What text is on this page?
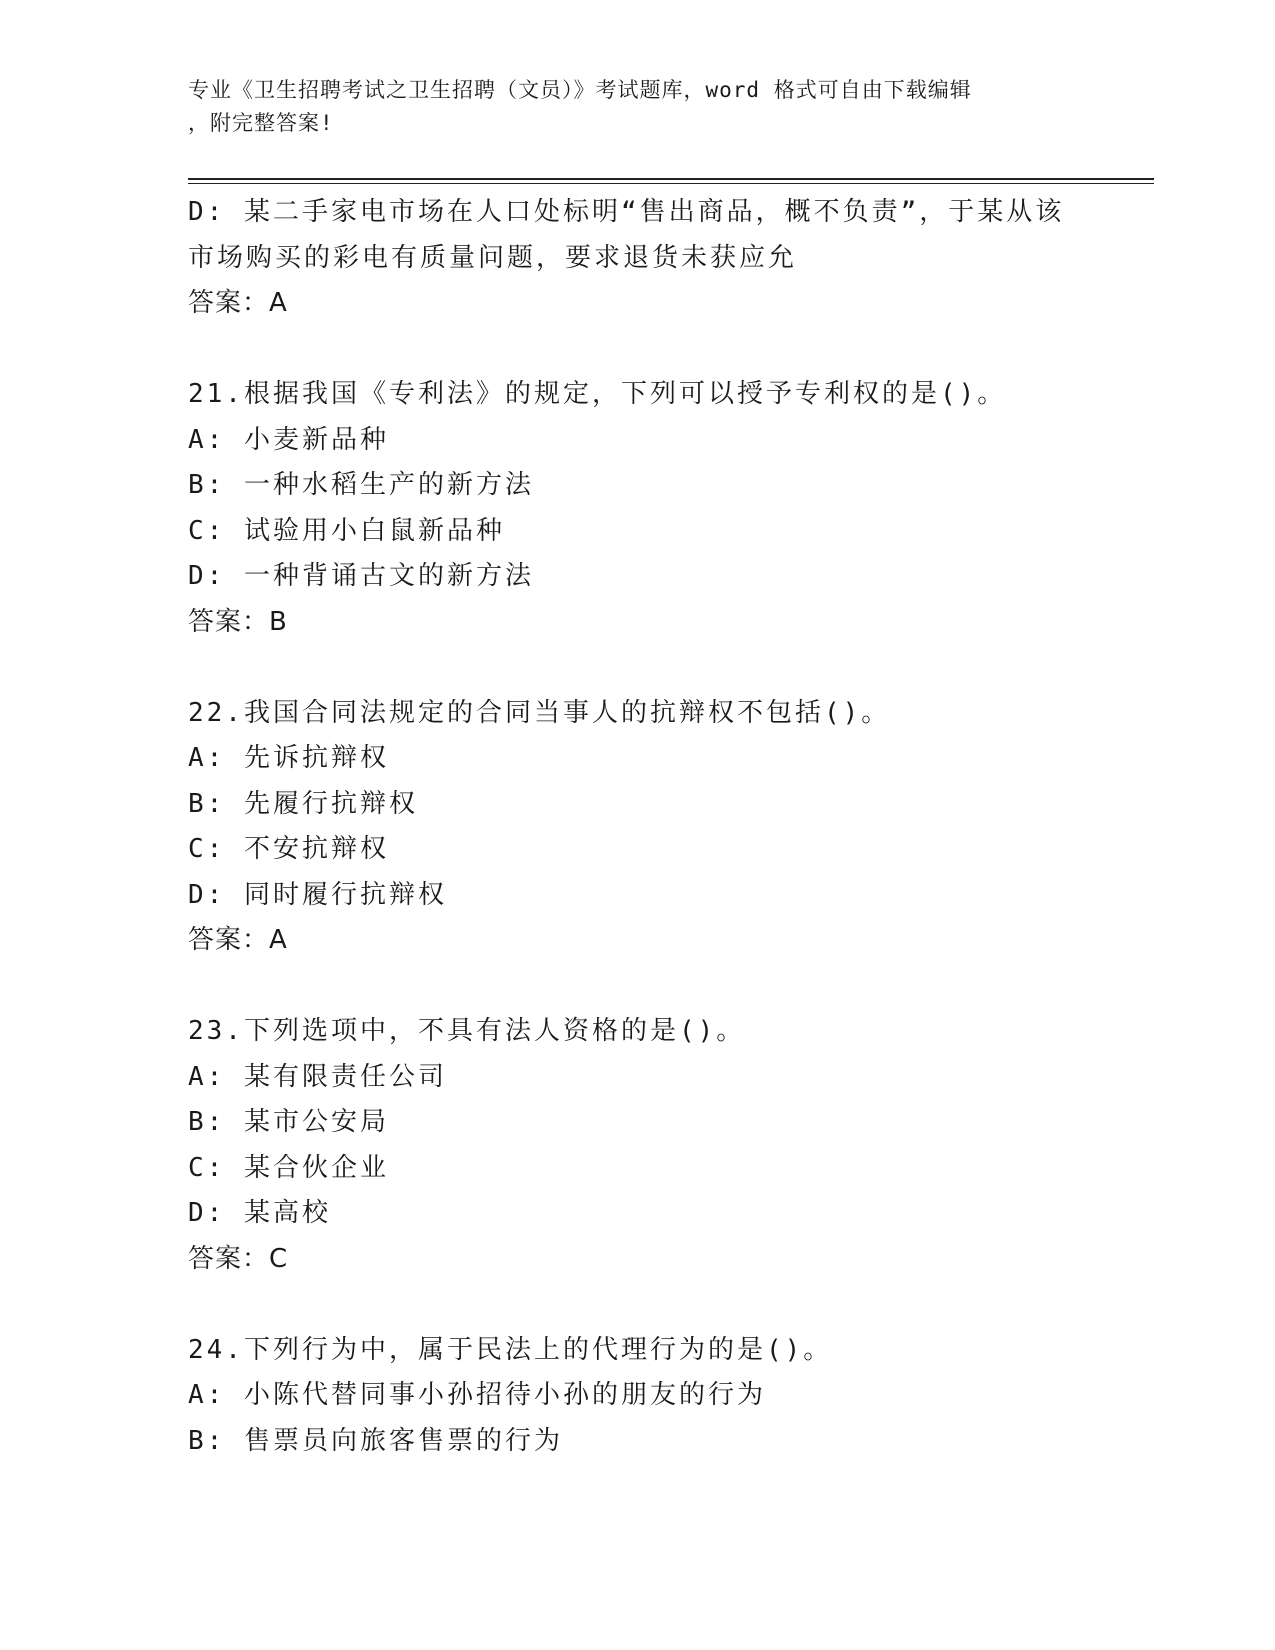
专业《卫生招聘考试之卫生招聘（文员）》考试题库，word 格式可自由下载编辑
，附完整答案!
D: 某二手家电市场在人口处标明“售出商品，概不负责”，于某从该
市场购买的彩电有质量问题，要求退货未获应允
答案：A
21.根据我国《专利法》的规定，下列可以授予专利权的是()。
A: 小麦新品种
B: 一种水稻生产的新方法
C: 试验用小白鼠新品种
D: 一种背诵古文的新方法
答案：B
22.我国合同法规定的合同当事人的抗辩权不包括()。
A: 先诉抗辩权
B: 先履行抗辩权
C: 不安抗辩权
D: 同时履行抗辩权
答案：A
23.下列选项中，不具有法人资格的是()。
A: 某有限责任公司
B: 某市公安局
C: 某合伙企业
D: 某高校
答案：C
24.下列行为中，属于民法上的代理行为的是()。
A: 小陈代替同事小孙招待小孙的朋友的行为
B: 售票员向旅客售票的行为
